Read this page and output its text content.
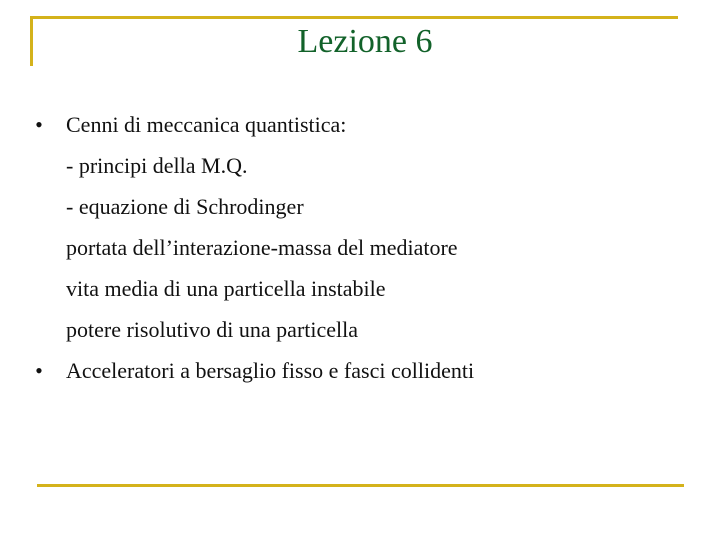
Lezione 6
• Cenni di meccanica quantistica:
- principi della M.Q.
- equazione di Schrodinger
portata dell’interazione-massa del mediatore
vita media di una particella instabile
potere risolutivo di una particella
• Acceleratori a bersaglio fisso e fasci collidenti
